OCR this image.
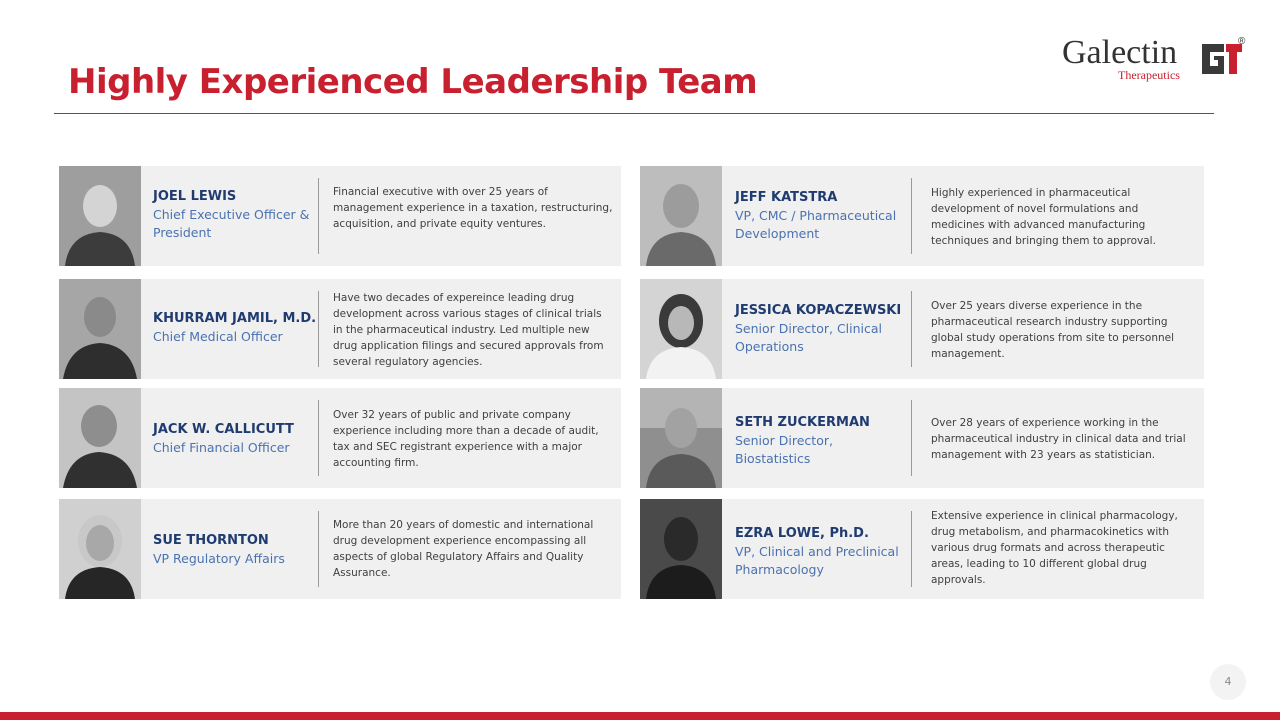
Galectin
Therapeutics
®
Highly Experienced Leadership Team
JOEL LEWIS
Chief Executive Officer & President
Financial executive with over 25 years of management experience in a taxation, restructuring, acquisition, and private equity ventures.
KHURRAM JAMIL, M.D.
Chief Medical Officer
Have two decades of expereince leading drug development across various stages of clinical trials in the pharmaceutical industry. Led multiple new drug application filings and secured approvals from several regulatory agencies.
JACK W. CALLICUTT
Chief Financial Officer
Over 32 years of public and private company experience including more than a decade of audit, tax and SEC registrant experience with a major accounting firm.
SUE THORNTON
VP Regulatory Affairs
More than 20 years of domestic and international drug development experience encompassing all aspects of global Regulatory Affairs and Quality Assurance.
JEFF KATSTRA
VP, CMC / Pharmaceutical Development
Highly experienced in pharmaceutical development of novel formulations and medicines with advanced manufacturing techniques and bringing them to approval.
JESSICA KOPACZEWSKI
Senior Director, Clinical Operations
Over 25 years diverse experience in the pharmaceutical research industry supporting global study operations from site to personnel management.
SETH ZUCKERMAN
Senior Director, Biostatistics
Over 28 years of experience working in the pharmaceutical industry in clinical data and trial management with 23 years as statistician.
EZRA LOWE, Ph.D.
VP, Clinical and Preclinical Pharmacology
Extensive experience in clinical pharmacology, drug metabolism, and pharmacokinetics with various drug formats and across therapeutic areas, leading to 10 different global drug approvals.
4
